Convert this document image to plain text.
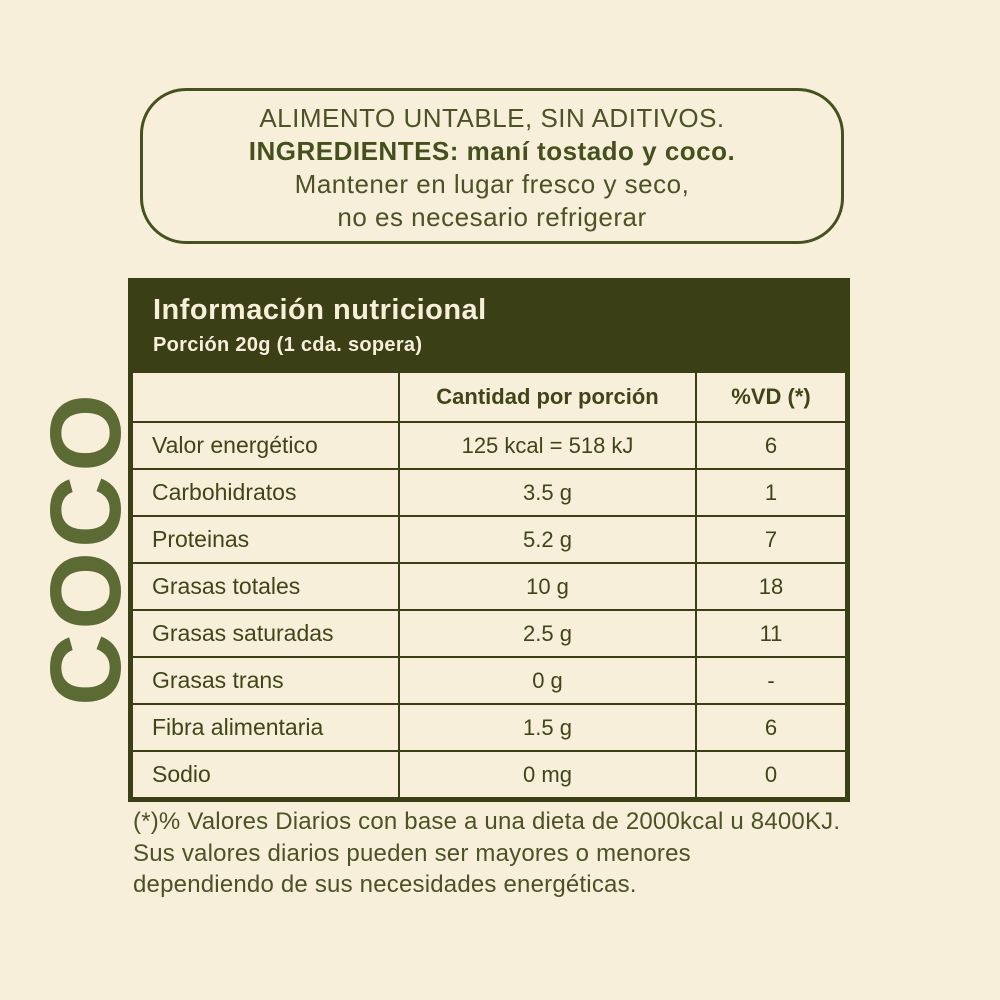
ALIMENTO UNTABLE, SIN ADITIVOS.
INGREDIENTES: maní tostado y coco.
Mantener en lugar fresco y seco,
no es necesario refrigerar
COCO
Información nutricional
Porción 20g (1 cda. sopera)
	Cantidad por porción	%VD (*)
Valor energético	125 kcal = 518 kJ	6
Carbohidratos	3.5 g	1
Proteinas	5.2 g	7
Grasas totales	10 g	18
Grasas saturadas	2.5 g	11
Grasas trans	0 g	-
Fibra alimentaria	1.5 g	6
Sodio	0 mg	0
(*)% Valores Diarios con base a una dieta de 2000kcal u 8400KJ.
Sus valores diarios pueden ser mayores o menores
dependiendo de sus necesidades energéticas.
